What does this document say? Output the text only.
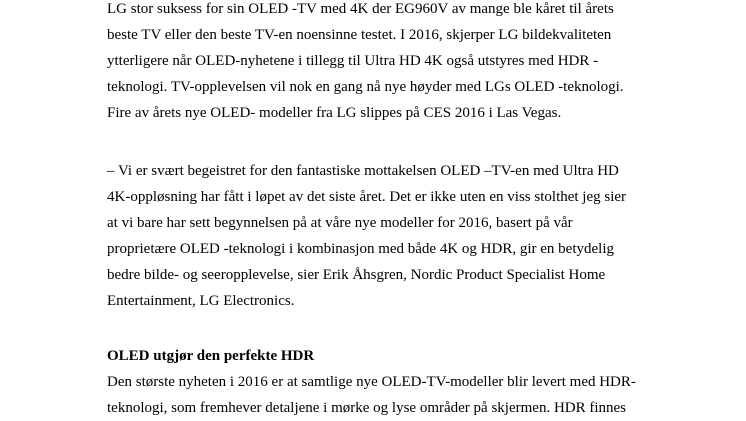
LG stor suksess for sin OLED -TV med 4K der EG960V av mange ble kåret til årets
beste TV eller den beste TV-en noensinne testet. I 2016, skjerper LG bildekvaliteten
ytterligere når OLED-nyhetene i tillegg til Ultra HD 4K også utstyres med HDR -
teknologi. TV-opplevelsen vil nok en gang nå nye høyder med LGs OLED -teknologi.
Fire av årets nye OLED- modeller fra LG slippes på CES 2016 i Las Vegas.
– Vi er svært begeistret for den fantastiske mottakelsen OLED –TV-en med Ultra HD
4K-oppløsning har fått i løpet av det siste året. Det er ikke uten en viss stolthet jeg sier
at vi bare har sett begynnelsen på at våre nye modeller for 2016, basert på vår
proprietære OLED -teknologi i kombinasjon med både 4K og HDR, gir en betydelig
bedre bilde- og seeropplevelse, sier Erik Åhsgren, Nordic Product Specialist Home
Entertainment, LG Electronics.
OLED utgjør den perfekte HDR
Den største nyheten i 2016 er at samtlige nye OLED-TV-modeller blir levert med HDR-
teknologi, som fremhever detaljene i mørke og lyse områder på skjermen. HDR finnes
